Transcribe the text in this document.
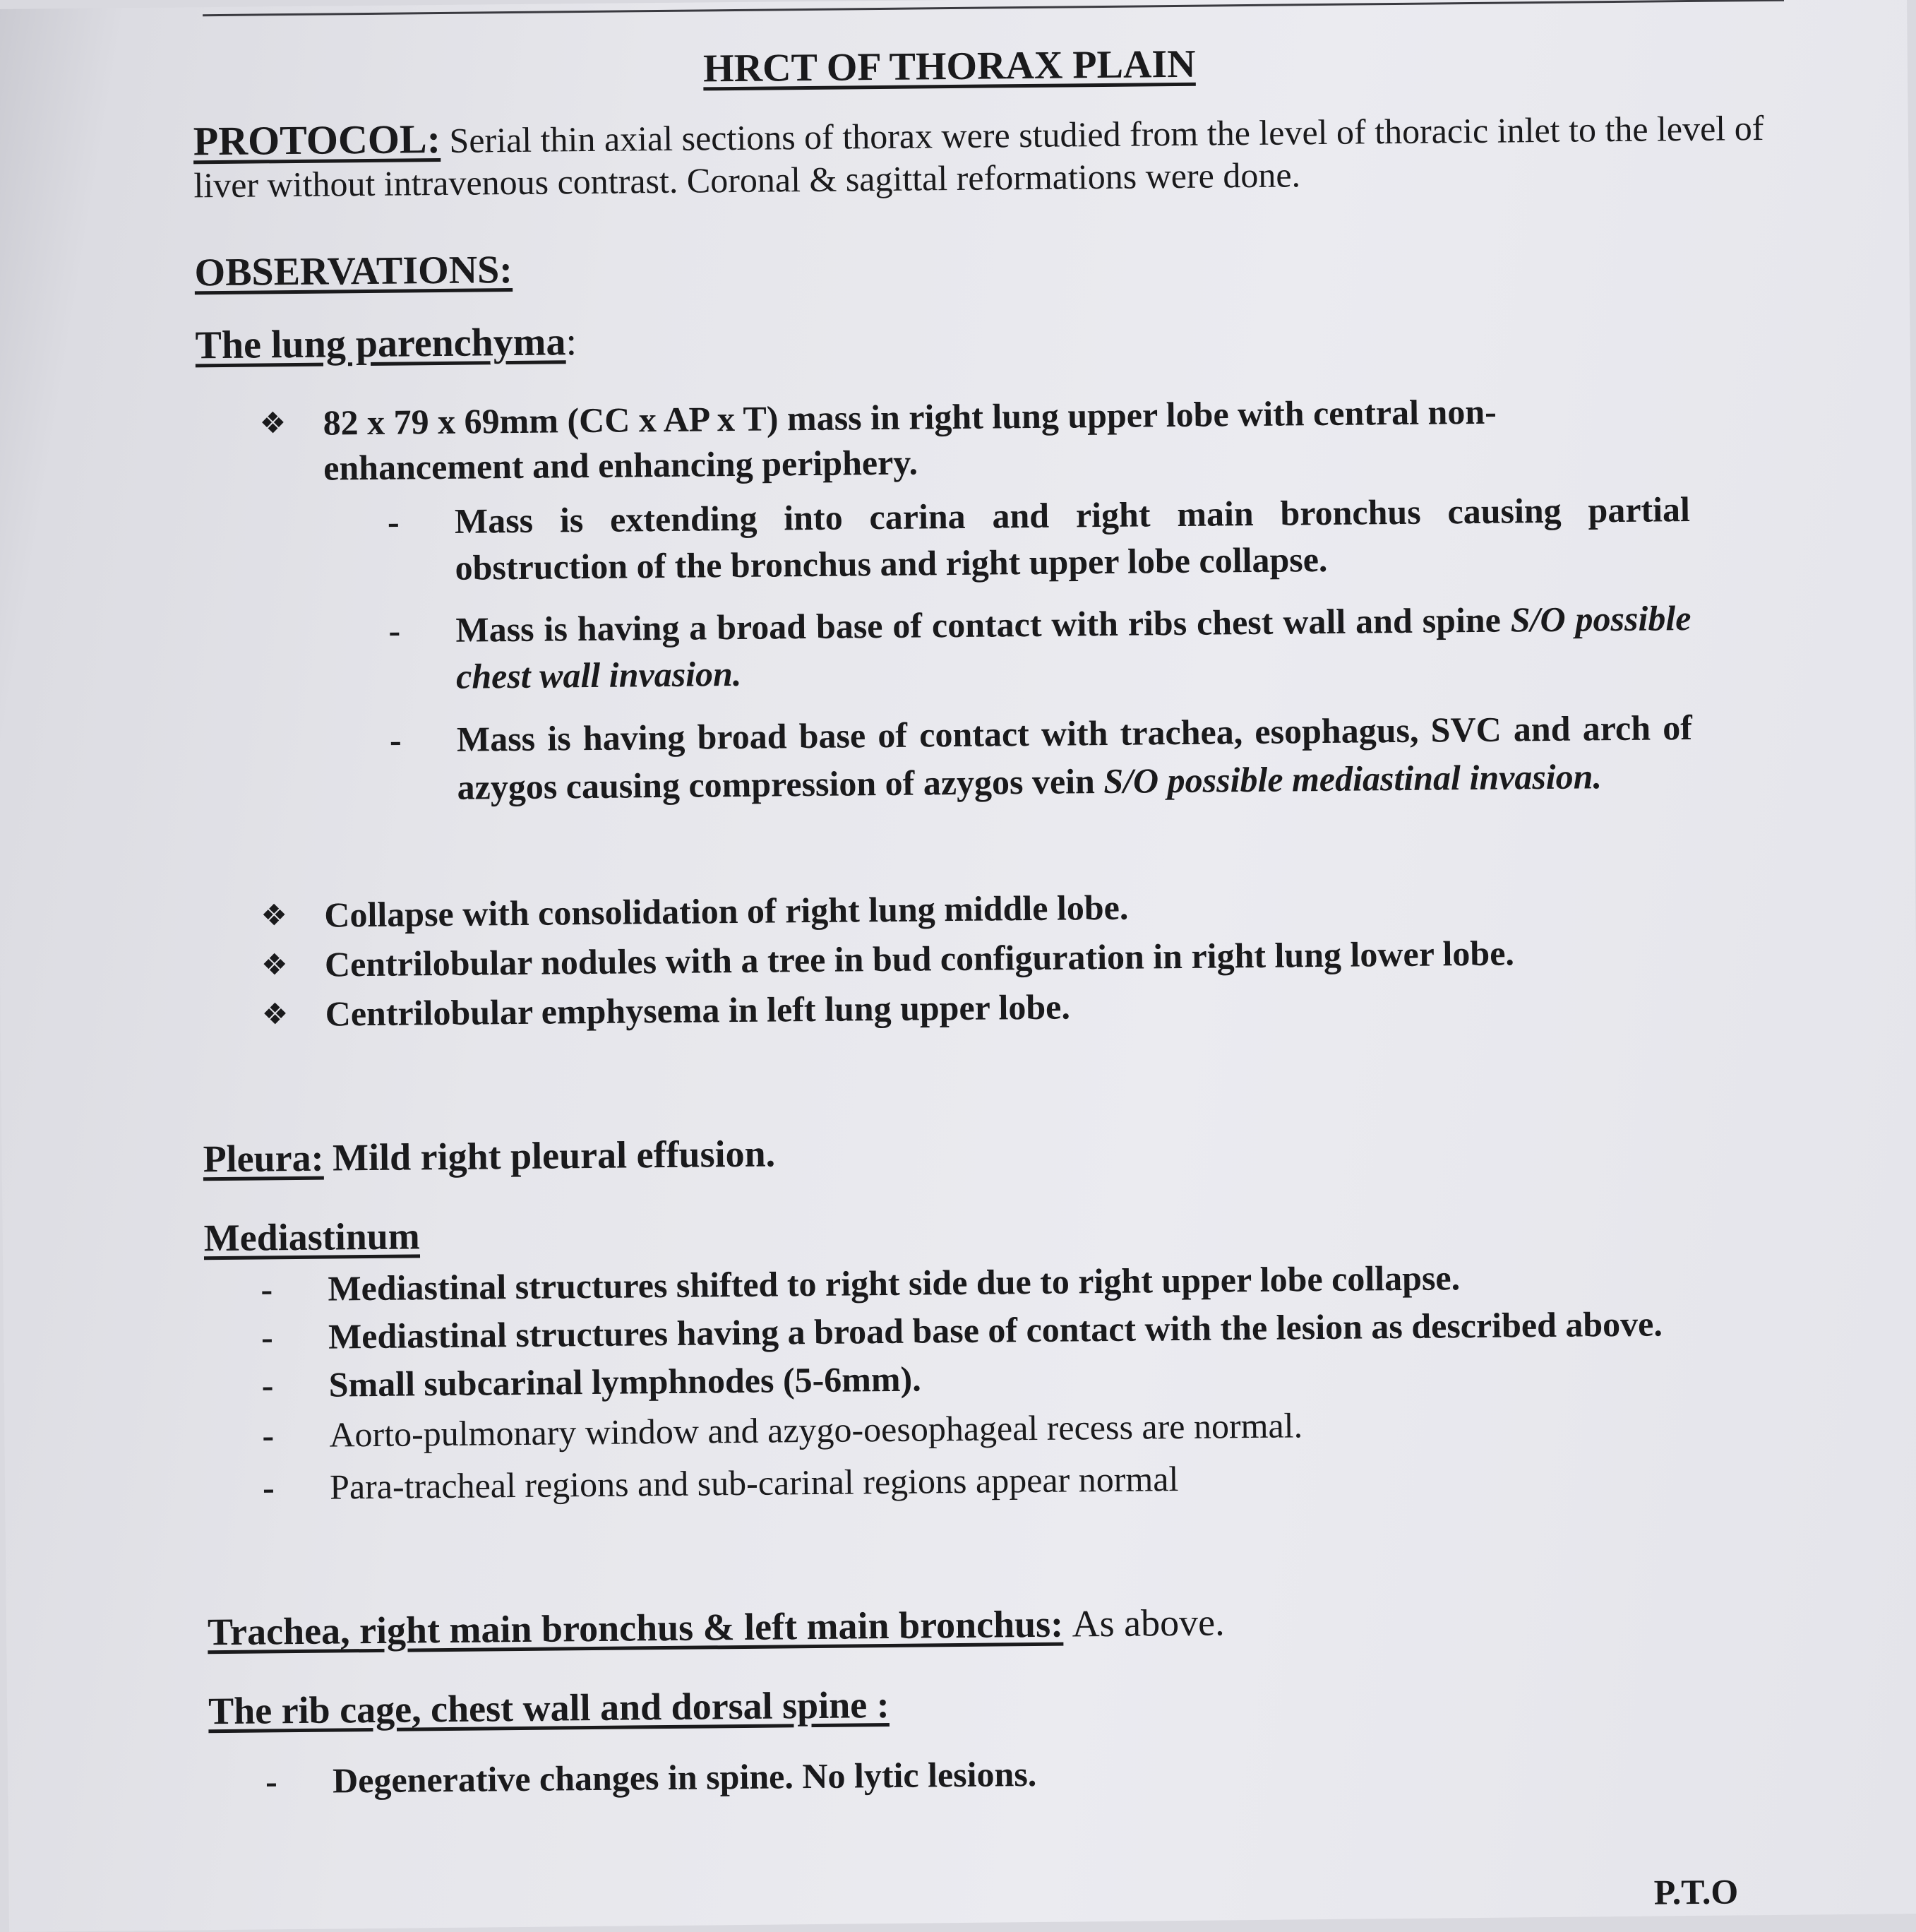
HRCT OF THORAX PLAIN
PROTOCOL: Serial thin axial sections of thorax were studied from the level of thoracic inlet to the level of liver without intravenous contrast. Coronal & sagittal reformations were done.
OBSERVATIONS:
The lung parenchyma:
❖ 82 x 79 x 69mm (CC x AP x T) mass in right lung upper lobe with central non-enhancement and enhancing periphery.
- Mass is extending into carina and right main bronchus causing partial obstruction of the bronchus and right upper lobe collapse.
- Mass is having a broad base of contact with ribs chest wall and spine S/O possible chest wall invasion.
- Mass is having broad base of contact with trachea, esophagus, SVC and arch of azygos causing compression of azygos vein S/O possible mediastinal invasion.
❖ Collapse with consolidation of right lung middle lobe.
❖ Centrilobular nodules with a tree in bud configuration in right lung lower lobe.
❖ Centrilobular emphysema in left lung upper lobe.
Pleura: Mild right pleural effusion.
Mediastinum
- Mediastinal structures shifted to right side due to right upper lobe collapse.
- Mediastinal structures having a broad base of contact with the lesion as described above.
- Small subcarinal lymphnodes (5-6mm).
- Aorto-pulmonary window and azygo-oesophageal recess are normal.
- Para-tracheal regions and sub-carinal regions appear normal
Trachea, right main bronchus & left main bronchus: As above.
The rib cage, chest wall and dorsal spine :
- Degenerative changes in spine. No lytic lesions.
P.T.O
